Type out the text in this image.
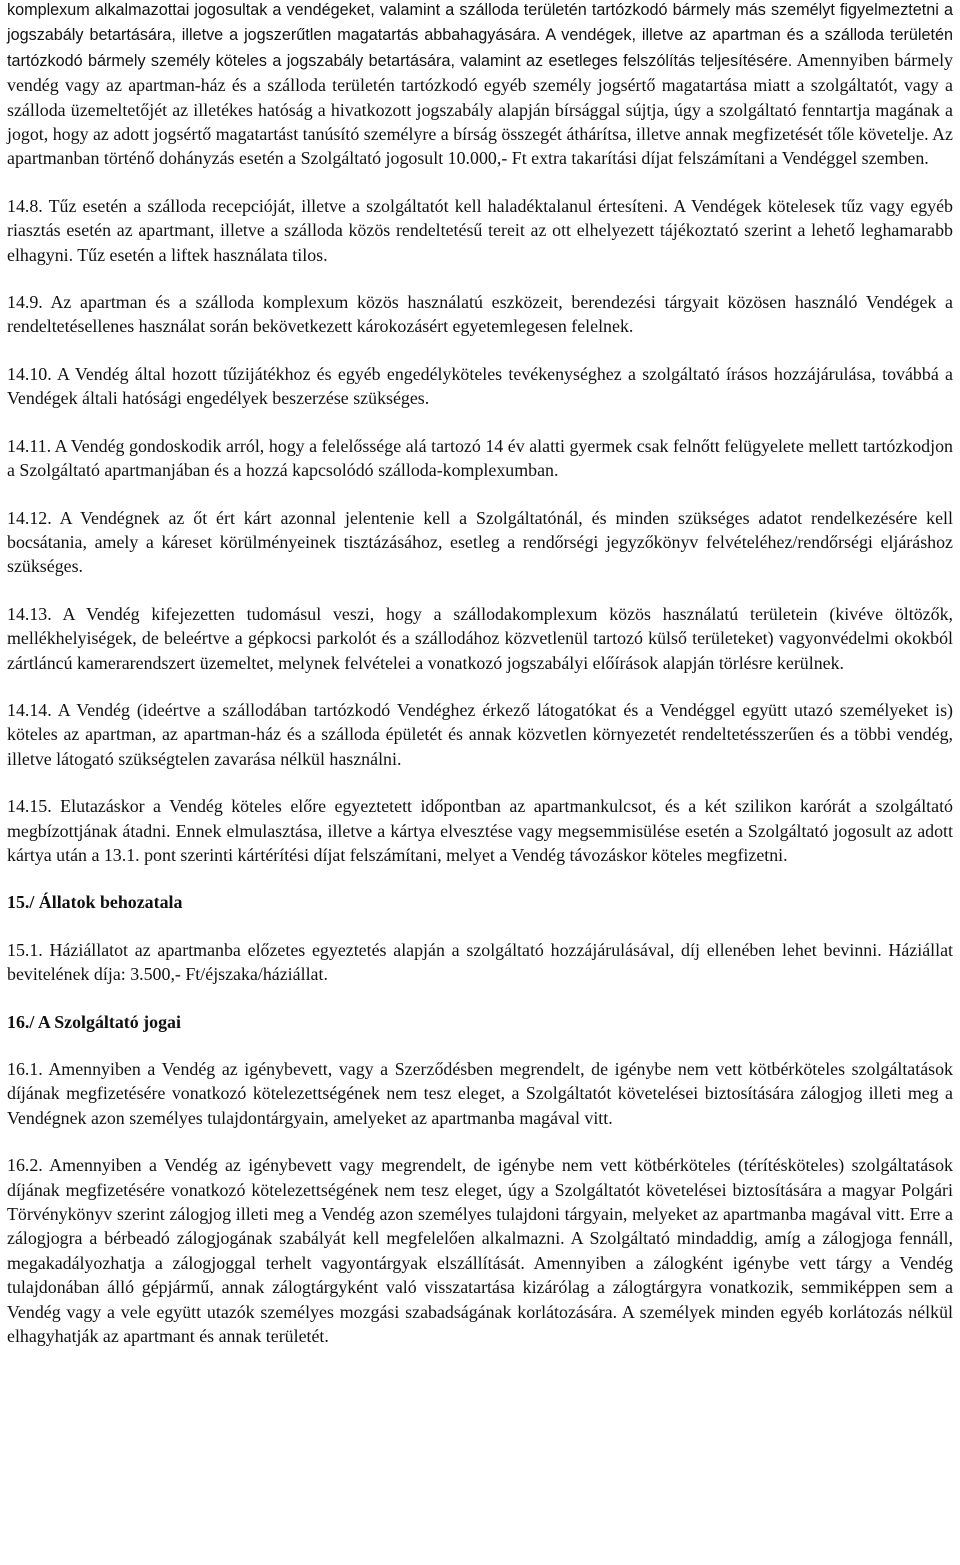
komplexum alkalmazottai jogosultak a vendégeket, valamint a szálloda területén tartózkodó bármely más személyt figyelmeztetni a jogszabály betartására, illetve a jogszerűtlen magatartás abbahagyására. A vendégek, illetve az apartman és a szálloda területén tartózkodó bármely személy köteles a jogszabály betartására, valamint az esetleges felszólítás teljesítésére. Amennyiben bármely vendég vagy az apartman-ház és a szálloda területén tartózkodó egyéb személy jogsértő magatartása miatt a szolgáltatót, vagy a szálloda üzemeltetőjét az illetékes hatóság a hivatkozott jogszabály alapján bírsággal sújtja, úgy a szolgáltató fenntartja magának a jogot, hogy az adott jogsértő magatartást tanúsító személyre a bírság összegét áthárítsa, illetve annak megfizetését tőle követelje. Az apartmanban történő dohányzás esetén a Szolgáltató jogosult 10.000,- Ft extra takarítási díjat felszámítani a Vendéggel szemben.

14.8. Tűz esetén a szálloda recepcióját, illetve a szolgáltatót kell haladéktalanul értesíteni. A Vendégek kötelesek tűz vagy egyéb riasztás esetén az apartmant, illetve a szálloda közös rendeltetésű tereit az ott elhelyezett tájékoztató szerint a lehető leghamarabb elhagyni. Tűz esetén a liftek használata tilos.

14.9. Az apartman és a szálloda komplexum közös használatú eszközeit, berendezési tárgyait közösen használó Vendégek a rendeltetésellenes használat során bekövetkezett károkozásért egyetemlegesen felelnek.

14.10. A Vendég által hozott tűzijátékhoz és egyéb engedélyköteles tevékenységhez a szolgáltató írásos hozzájárulása, továbbá a Vendégek általi hatósági engedélyek beszerzése szükséges.

14.11. A Vendég gondoskodik arról, hogy a felelőssége alá tartozó 14 év alatti gyermek csak felnőtt felügyelete mellett tartózkodjon a Szolgáltató apartmanjában és a hozzá kapcsolódó szálloda-komplexumban.

14.12. A Vendégnek az őt ért kárt azonnal jelentenie kell a Szolgáltatónál, és minden szükséges adatot rendelkezésére kell bocsátania, amely a káreset körülményeinek tisztázásához, esetleg a rendőrségi jegyzőkönyv felvételéhez/rendőrségi eljáráshoz szükséges.

14.13. A Vendég kifejezetten tudomásul veszi, hogy a szállodakomplexum közös használatú területein (kivéve öltözők, mellékhelyiségek, de beleértve a gépkocsi parkolót és a szállodához közvetlenül tartozó külső területeket) vagyonvédelmi okokból zártláncú kamerarendszert üzemeltet, melynek felvételei a vonatkozó jogszabályi előírások alapján törlésre kerülnek.

14.14. A Vendég (ideértve a szállodában tartózkodó Vendéghez érkező látogatókat és a Vendéggel együtt utazó személyeket is) köteles az apartman, az apartman-ház és a szálloda épületét és annak közvetlen környezetét rendeltetésszerűen és a többi vendég, illetve látogató szükségtelen zavarása nélkül használni.

14.15. Elutazáskor a Vendég köteles előre egyeztetett időpontban az apartmankulcsot, és a két szilikon karórát a szolgáltató megbízottjának átadni. Ennek elmulasztása, illetve a kártya elvesztése vagy megsemmisülése esetén a Szolgáltató jogosult az adott kártya után a 13.1. pont szerinti kártérítési díjat felszámítani, melyet a Vendég távozáskor köteles megfizetni.

15./ Állatok behozatala

15.1. Háziállatot az apartmanba előzetes egyeztetés alapján a szolgáltató hozzájárulásával, díj ellenében lehet bevinni. Háziállat bevitelének díja: 3.500,- Ft/éjszaka/háziállat.

16./ A Szolgáltató jogai

16.1. Amennyiben a Vendég az igénybevett, vagy a Szerződésben megrendelt, de igénybe nem vett kötbérköteles szolgáltatások díjának megfizetésére vonatkozó kötelezettségének nem tesz eleget, a Szolgáltatót követelései biztosítására zálogjog illeti meg a Vendégnek azon személyes tulajdontárgyain, amelyeket az apartmanba magával vitt.

16.2. Amennyiben a Vendég az igénybevett vagy megrendelt, de igénybe nem vett kötbérköteles (térítésköteles) szolgáltatások díjának megfizetésére vonatkozó kötelezettségének nem tesz eleget, úgy a Szolgáltatót követelései biztosítására a magyar Polgári Törvénykönyv szerint zálogjog illeti meg a Vendég azon személyes tulajdoni tárgyain, melyeket az apartmanba magával vitt. Erre a zálogjogra a bérbeadó zálogjogának szabályát kell megfelelően alkalmazni. A Szolgáltató mindaddig, amíg a zálogjoga fennáll, megakadályozhatja a zálogjoggal terhelt vagyontárgyak elszállítását. Amennyiben a zálogként igénybe vett tárgy a Vendég tulajdonában álló gépjármű, annak zálogtárgyként való visszatartása kizárólag a zálogtárgyra vonatkozik, semmiképpen sem a Vendég vagy a vele együtt utazók személyes mozgási szabadságának korlátozására. A személyek minden egyéb korlátozás nélkül elhagyhatják az apartmant és annak területét.
